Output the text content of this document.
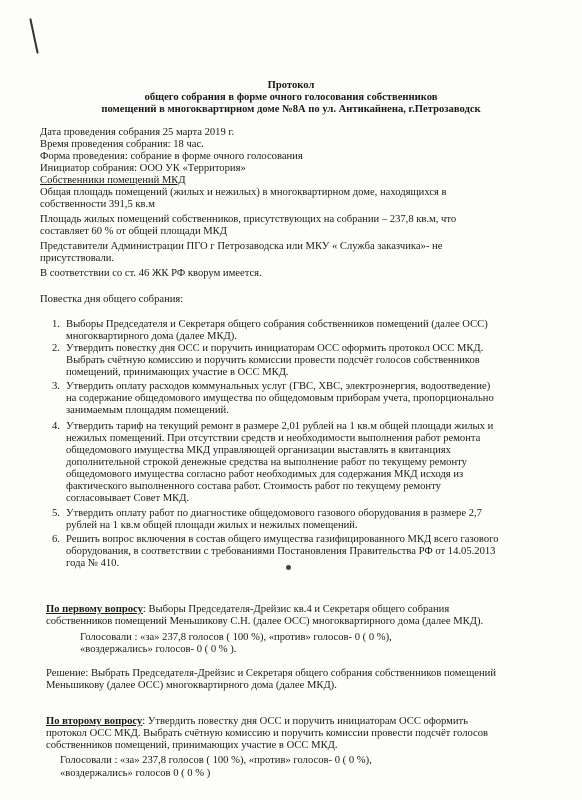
Протокол
общего собрания в форме очного голосования собственников
помещений в многоквартирном доме №8А по ул. Антикайнена, г.Петрозаводск
Дата проведения собрания 25 марта 2019 г.
Время проведения собрания: 18 час.
Форма проведения: собрание в форме очного голосования
Инициатор собрания: ООО УК «Территория»
Собственники помещений МКД
Общая площадь помещений (жилых и нежилых) в многоквартирном доме, находящихся в
собственности 391,5 кв.м
Площадь жилых помещений собственников, присутствующих на собрании – 237,8 кв.м, что
составляет 60 % от общей площади МКД
Представители Администрации ПГО г Петрозаводска или МКУ « Служба заказчика»- не
присутствовали.
В соответствии со ст. 46 ЖК РФ кворум имеется.
Повестка дня общего собрания:
1. Выборы Председателя и Секретаря общего собрания собственников помещений (далее ОСС)
многоквартирного дома (далее МКД).
2. Утвердить повестку дня ОСС и поручить инициаторам ОСС оформить протокол ОСС МКД.
Выбрать счётную комиссию и поручить комиссии провести подсчёт голосов собственников
помещений, принимающих участие в ОСС МКД.
3. Утвердить оплату расходов коммунальных услуг (ГВС, ХВС, электроэнергия, водоотведение)
на содержание общедомового имущества по общедомовым приборам учета, пропорционально
занимаемым площадям помещений.
4. Утвердить тариф на текущий ремонт в размере 2,01 рублей на 1 кв.м общей площади жилых и
нежилых помещений. При отсутствии средств и необходимости выполнения работ ремонта
общедомового имущества МКД управляющей организации выставлять в квитанциях
дополнительной строкой денежные средства на выполнение работ по текущему ремонту
общедомового имущества согласно работ необходимых для содержания МКД исходя из
фактического выполненного состава работ. Стоимость работ по текущему ремонту
согласовывает Совет МКД.
5. Утвердить оплату работ по диагностике общедомового газового оборудования в размере 2,7
рублей на 1 кв.м общей площади жилых и нежилых помещений.
6. Решить вопрос включения в состав общего имущества газифицированного МКД всего газового
оборудования, в соответствии с требованиями Постановления Правительства РФ от 14.05.2013
года № 410.
По первому вопросу: Выборы Председателя-Дрейзис кв.4 и Секретаря общего собрания
собственников помещений Меньшикову С.Н. (далее ОСС) многоквартирного дома (далее МКД).
Голосовали : «за» 237,8 голосов ( 100 %), «против» голосов- 0 ( 0 %),
«воздержались» голосов- 0 ( 0 % ).
Решение: Выбрать Председателя-Дрейзис и Секретаря общего собрания собственников помещений
Меньшикову (далее ОСС) многоквартирного дома (далее МКД).
По второму вопросу: Утвердить повестку дня ОСС и поручить инициаторам ОСС оформить
протокол ОСС МКД. Выбрать счётную комиссию и поручить комиссии провести подсчёт голосов
собственников помещений, принимающих участие в ОСС МКД.
Голосовали : «за» 237,8 голосов ( 100 %), «против» голосов- 0 ( 0 %),
«воздержались» голосов 0 ( 0 % )
